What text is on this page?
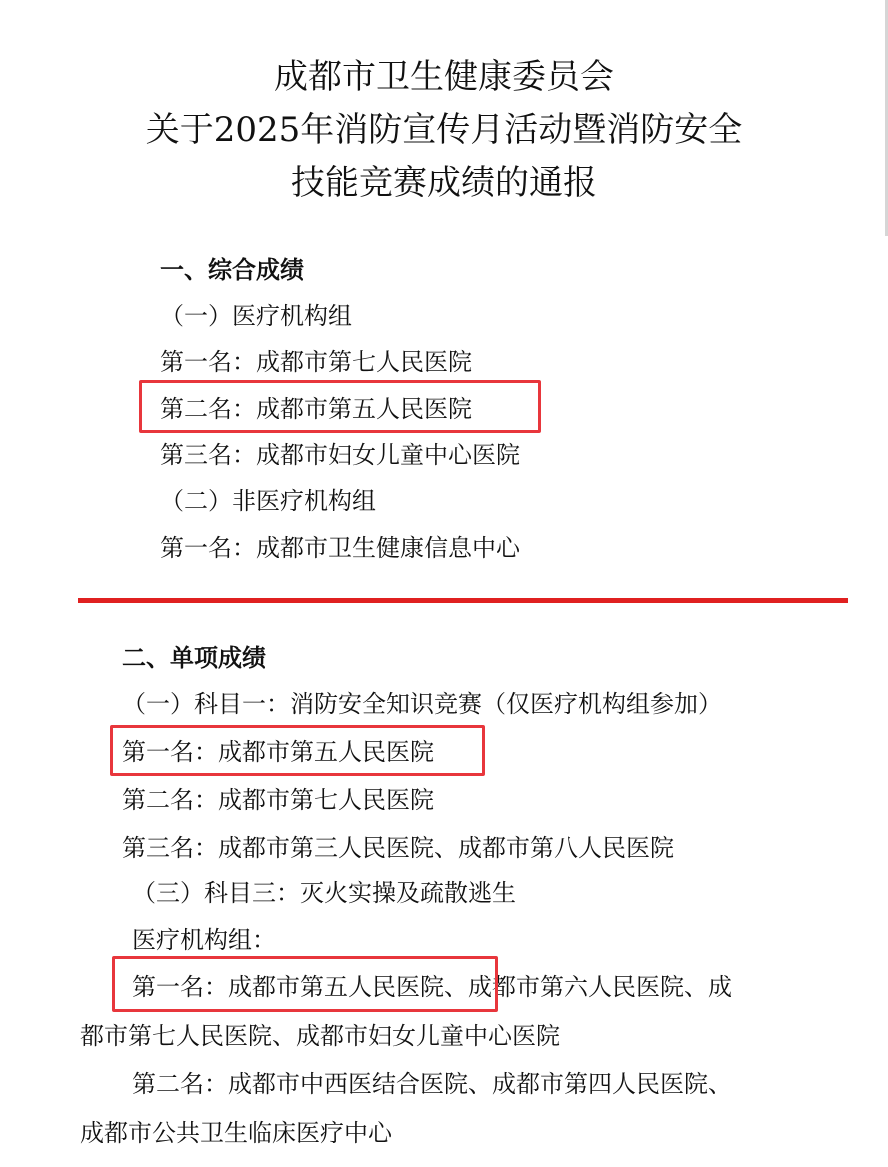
成都市卫生健康委员会

关于2025年消防宣传月活动暨消防安全

技能竞赛成绩的通报

一、综合成绩

（一）医疗机构组

第一名：成都市第七人民医院

第二名：成都市第五人民医院

第三名：成都市妇女儿童中心医院

（二）非医疗机构组

第一名：成都市卫生健康信息中心

二、单项成绩

（一）科目一：消防安全知识竞赛（仅医疗机构组参加）

第一名：成都市第五人民医院

第二名：成都市第七人民医院

第三名：成都市第三人民医院、成都市第八人民医院

（三）科目三：灭火实操及疏散逃生

医疗机构组：

第一名：成都市第五人民医院、成都市第六人民医院、成

都市第七人民医院、成都市妇女儿童中心医院

第二名：成都市中西医结合医院、成都市第四人民医院、

成都市公共卫生临床医疗中心
